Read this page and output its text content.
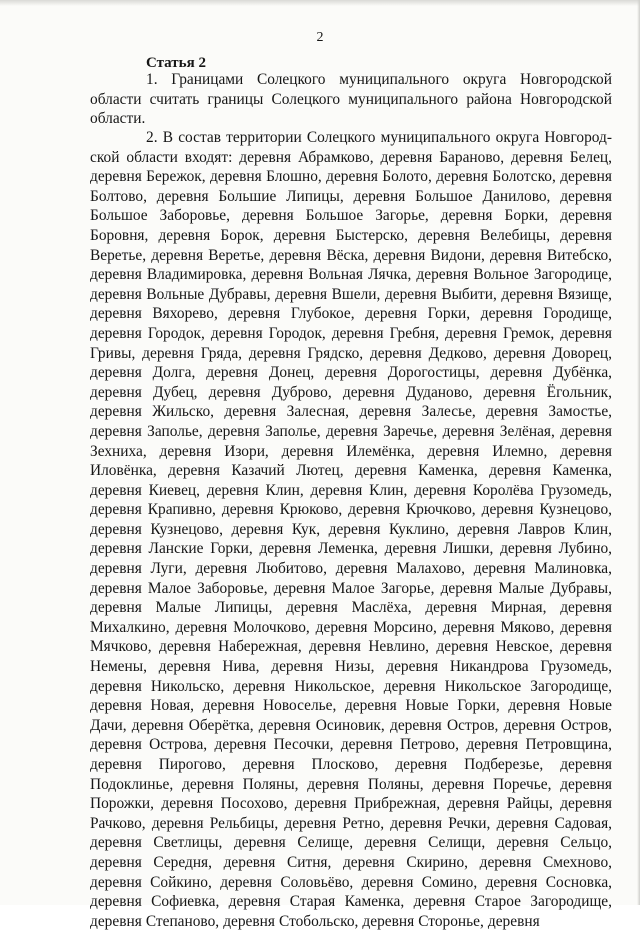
2
Статья 2

1. Границами Солецкого муниципального округа Новгородской области считать границы Солецкого муниципального района Новгородской области.

2. В состав территории Солецкого муниципального округа Новгородской области входят: деревня Абрамково, деревня Бараново, деревня Белец, деревня Бережок, деревня Блошно, деревня Болото, деревня Болотско, деревня Болтово, деревня Большие Липицы, деревня Большое Данилово, деревня Большое Заборовье, деревня Большое Загорье, деревня Борки, деревня Боровня, деревня Борок, деревня Быстерско, деревня Велебицы, деревня Веретье, деревня Веретье, деревня Вёска, деревня Видони, деревня Витебско, деревня Владимировка, деревня Вольная Лячка, деревня Вольное Загородице, деревня Вольные Дубравы, деревня Вшели, деревня Выбити, деревня Вязище, деревня Вяхорево, деревня Глубокое, деревня Горки, деревня Городище, деревня Городок, деревня Городок, деревня Гребня, деревня Гремок, деревня Гривы, деревня Гряда, деревня Грядско, деревня Дедково, деревня Доворец, деревня Долга, деревня Донец, деревня Дорогостицы, деревня Дубёнка, деревня Дубец, деревня Дуброво, деревня Дуданово, деревня Ёгольник, деревня Жильско, деревня Залесная, деревня Залесье, деревня Замостье, деревня Заполье, деревня Заполье, деревня Заречье, деревня Зелёная, деревня Зехниха, деревня Изори, деревня Илемёнка, деревня Илемно, деревня Иловёнка, деревня Казачий Лютец, деревня Каменка, деревня Каменка, деревня Киевец, деревня Клин, деревня Клин, деревня Королёва Грузомедь, деревня Крапивно, деревня Крюково, деревня Крючково, деревня Кузнецово, деревня Кузнецово, деревня Кук, деревня Куклино, деревня Лавров Клин, деревня Ланские Горки, деревня Леменка, деревня Лишки, деревня Лубино, деревня Луги, деревня Любитово, деревня Малахово, деревня Малиновка, деревня Малое Заборовье, деревня Малое Загорье, деревня Малые Дубравы, деревня Малые Липицы, деревня Маслёха, деревня Мирная, деревня Михалкино, деревня Молочково, деревня Морсино, деревня Мяково, деревня Мячково, деревня Набережная, деревня Невлино, деревня Невское, деревня Немены, деревня Нива, деревня Низы, деревня Никандрова Грузомедь, деревня Никольско, деревня Никольское, деревня Никольское Загородище, деревня Новая, деревня Новоселье, деревня Новые Горки, деревня Новые Дачи, деревня Оберётка, деревня Осиновик, деревня Остров, деревня Остров, деревня Острова, деревня Песочки, деревня Петрово, деревня Петровщина, деревня Пирогово, деревня Плосково, деревня Подберезье, деревня Подоклинье, деревня Поляны, деревня Поляны, деревня Поречье, деревня Порожки, деревня Посохово, деревня Прибрежная, деревня Райцы, деревня Рачково, деревня Рельбицы, деревня Ретно, деревня Речки, деревня Садовая, деревня Светлицы, деревня Селище, деревня Селищи, деревня Сельцо, деревня Середня, деревня Ситня, деревня Скирино, деревня Смехново, деревня Сойкино, деревня Соловьёво, деревня Сомино, деревня Сосновка, деревня Софиевка, деревня Старая Каменка, деревня Старое Загородище, деревня Степаново, деревня Стобольско, деревня Сторонье, деревня
